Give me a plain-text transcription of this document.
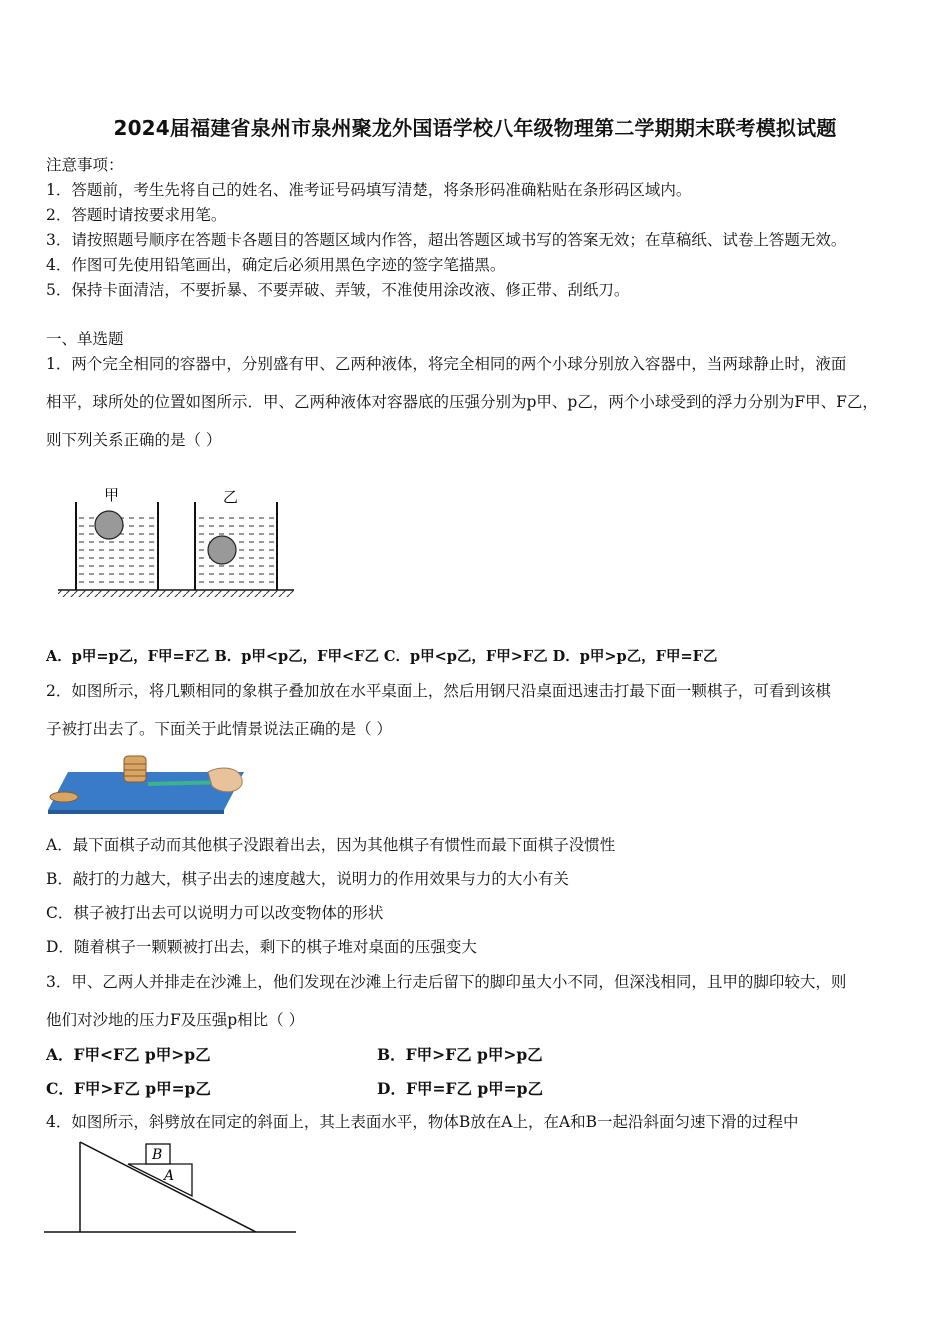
2024届福建省泉州市泉州聚龙外国语学校八年级物理第二学期期末联考模拟试题
注意事项：
1．答题前，考生先将自己的姓名、准考证号码填写清楚，将条形码准确粘贴在条形码区域内。
2．答题时请按要求用笔。
3．请按照题号顺序在答题卡各题目的答题区域内作答，超出答题区域书写的答案无效；在草稿纸、试卷上答题无效。
4．作图可先使用铅笔画出，确定后必须用黑色字迹的签字笔描黑。
5．保持卡面清洁，不要折暴、不要弄破、弄皱，不准使用涂改液、修正带、刮纸刀。
一、单选题
1．两个完全相同的容器中，分别盛有甲、乙两种液体，将完全相同的两个小球分别放入容器中，当两球静止时，液面
相平，球所处的位置如图所示．甲、乙两种液体对容器底的压强分别为p甲、p乙，两个小球受到的浮力分别为F甲、F乙，
则下列关系正确的是（ ）
甲	乙
A．p甲=p乙，F甲=F乙 B．p甲<p乙，F甲<F乙 C．p甲<p乙，F甲>F乙 D．p甲>p乙，F甲=F乙
2．如图所示，将几颗相同的象棋子叠加放在水平桌面上，然后用钢尺沿桌面迅速击打最下面一颗棋子，可看到该棋
子被打出去了。下面关于此情景说法正确的是（ ）
A．最下面棋子动而其他棋子没跟着出去，因为其他棋子有惯性而最下面棋子没惯性
B．敲打的力越大，棋子出去的速度越大，说明力的作用效果与力的大小有关
C．棋子被打出去可以说明力可以改变物体的形状
D．随着棋子一颗颗被打出去，剩下的棋子堆对桌面的压强变大
3．甲、乙两人并排走在沙滩上，他们发现在沙滩上行走后留下的脚印虽大小不同，但深浅相同，且甲的脚印较大，则
他们对沙地的压力F及压强p相比（ ）
A．F甲<F乙 p甲>p乙	B．F甲>F乙 p甲>p乙
C．F甲>F乙 p甲=p乙	D．F甲=F乙 p甲=p乙
4．如图所示，斜劈放在同定的斜面上，其上表面水平，物体B放在A上，在A和B一起沿斜面匀速下滑的过程中
B
A
